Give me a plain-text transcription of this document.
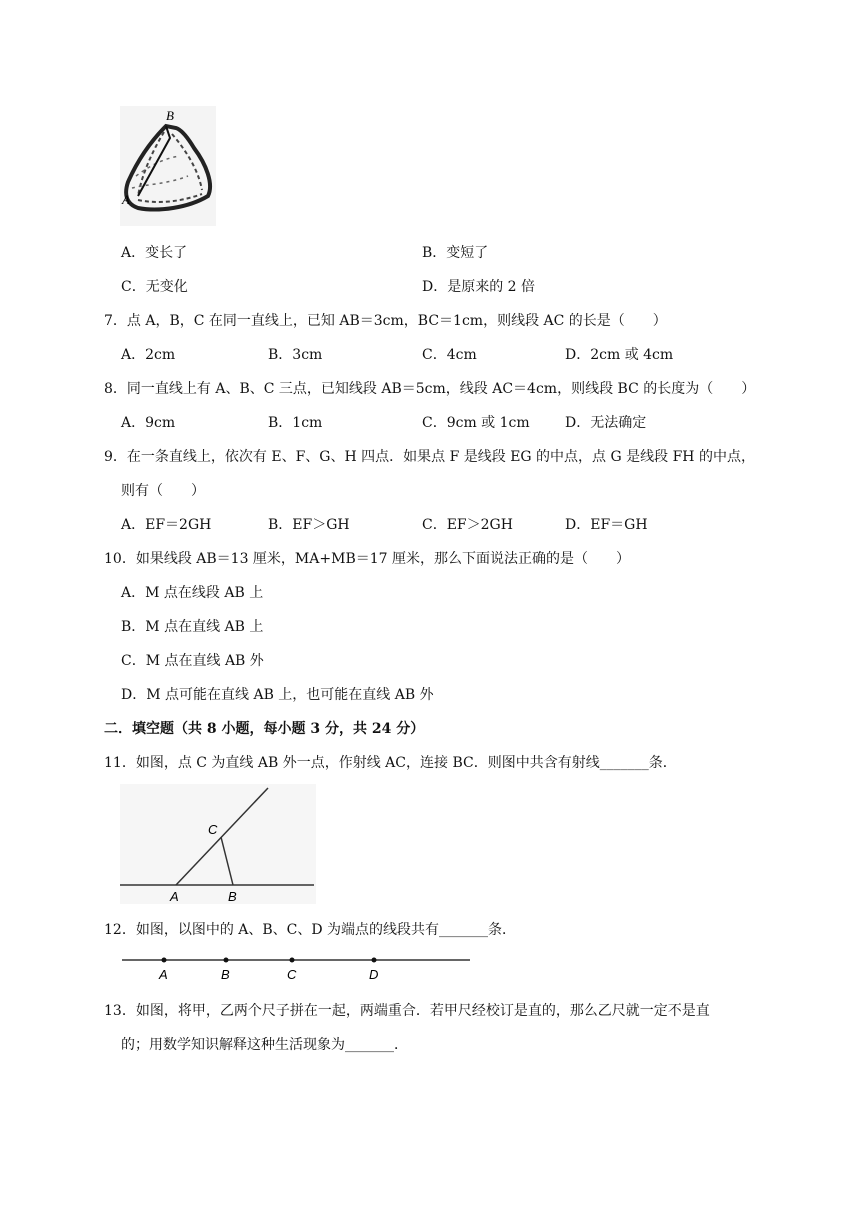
B
A
A．变长了	B．变短了
C．无变化	D．是原来的 2 倍
7．点 A，B，C 在同一直线上，已知 AB＝3cm，BC＝1cm，则线段 AC 的长是（　　）
A．2cm	B．3cm	C．4cm	D．2cm 或 4cm
8．同一直线上有 A、B、C 三点，已知线段 AB＝5cm，线段 AC＝4cm，则线段 BC 的长度为（　　）
A．9cm	B．1cm	C．9cm 或 1cm	D．无法确定
9．在一条直线上，依次有 E、F、G、H 四点．如果点 F 是线段 EG 的中点，点 G 是线段 FH 的中点，
则有（　　）
A．EF＝2GH	B．EF＞GH	C．EF＞2GH	D．EF＝GH
10．如果线段 AB＝13 厘米，MA+MB＝17 厘米，那么下面说法正确的是（　　）
A．M 点在线段 AB 上
B．M 点在直线 AB 上
C．M 点在直线 AB 外
D．M 点可能在直线 AB 上，也可能在直线 AB 外
二．填空题（共 8 小题，每小题 3 分，共 24 分）
11．如图，点 C 为直线 AB 外一点，作射线 AC，连接 BC．则图中共含有射线_______条．
C
A	B
12．如图，以图中的 A、B、C、D 为端点的线段共有_______条．
A	B	C	D
13．如图，将甲，乙两个尺子拼在一起，两端重合．若甲尺经校订是直的，那么乙尺就一定不是直
的；用数学知识解释这种生活现象为_______．
